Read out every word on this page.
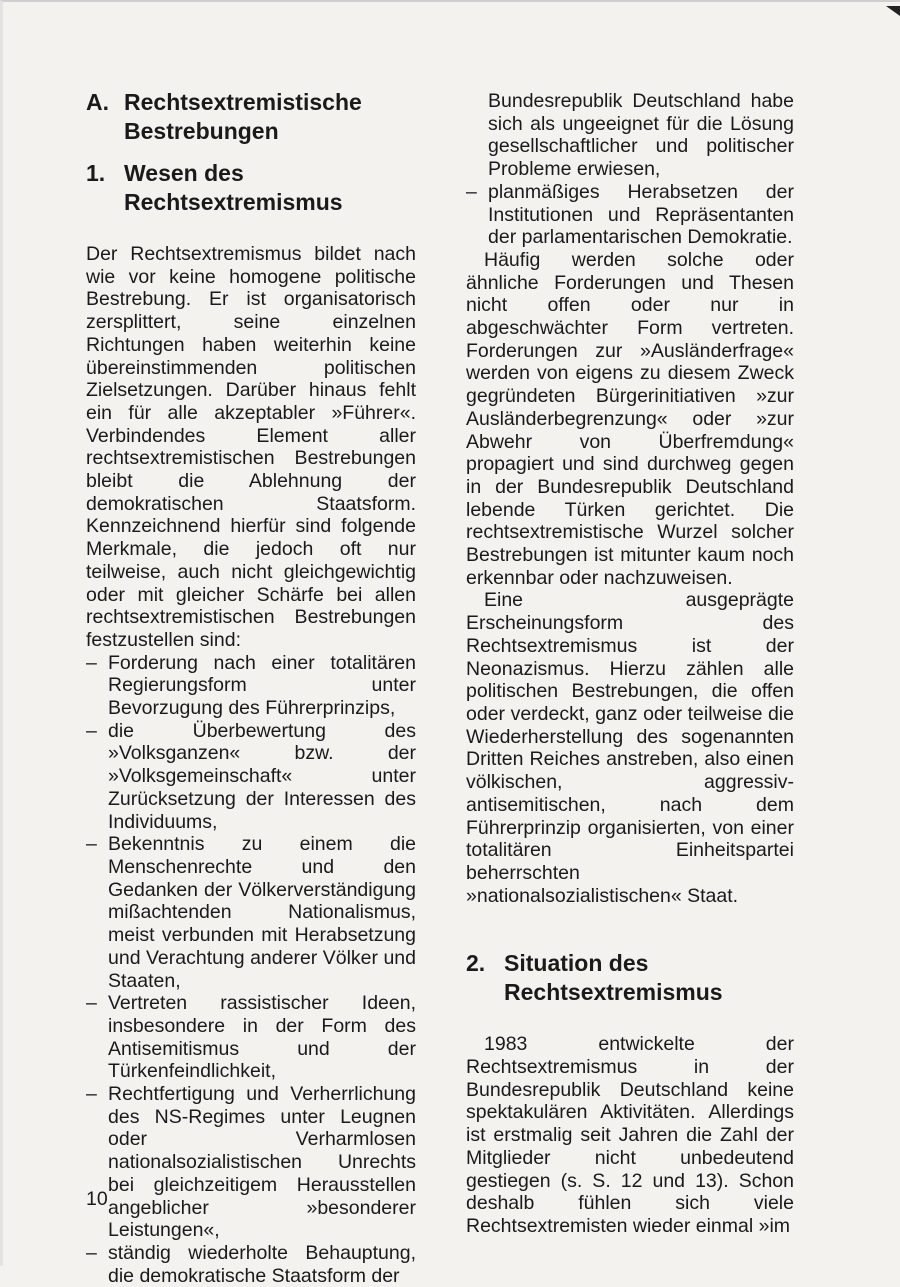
A. Rechtsextremistische Bestrebungen
1. Wesen des Rechtsextremismus

Der Rechtsextremismus bildet nach wie vor keine homogene politische Bestrebung. Er ist organisatorisch zersplittert, seine einzelnen Richtungen haben weiterhin keine übereinstimmenden politischen Zielsetzungen. Darüber hinaus fehlt ein für alle akzeptabler »Führer«. Verbindendes Element aller rechtsextremistischen Bestrebungen bleibt die Ablehnung der demokratischen Staatsform. Kennzeichnend hierfür sind folgende Merkmale, die jedoch oft nur teilweise, auch nicht gleichgewichtig oder mit gleicher Schärfe bei allen rechtsextremistischen Bestrebungen festzustellen sind:

– Forderung nach einer totalitären Regierungsform unter Bevorzugung des Führerprinzips,
– die Überbewertung des »Volksganzen« bzw. der »Volksgemeinschaft« unter Zurücksetzung der Interessen des Individuums,
– Bekenntnis zu einem die Menschenrechte und den Gedanken der Völkerverständigung mißachtenden Nationalismus, meist verbunden mit Herabsetzung und Verachtung anderer Völker und Staaten,
– Vertreten rassistischer Ideen, insbesondere in der Form des Antisemitismus und der Türkenfeindlichkeit,
– Rechtfertigung und Verherrlichung des NS-Regimes unter Leugnen oder Verharmlosen nationalsozialistischen Unrechts bei gleichzeitigem Herausstellen angeblicher »besonderer Leistungen«,
– ständig wiederholte Behauptung, die demokratische Staatsform der

Bundesrepublik Deutschland habe sich als ungeeignet für die Lösung gesellschaftlicher und politischer Probleme erwiesen,

– planmäßiges Herabsetzen der Institutionen und Repräsentanten der parlamentarischen Demokratie.

Häufig werden solche oder ähnliche Forderungen und Thesen nicht offen oder nur in abgeschwächter Form vertreten. Forderungen zur »Ausländerfrage« werden von eigens zu diesem Zweck gegründeten Bürgerinitiativen »zur Ausländerbegrenzung« oder »zur Abwehr von Überfremdung« propagiert und sind durchweg gegen in der Bundesrepublik Deutschland lebende Türken gerichtet. Die rechtsextremistische Wurzel solcher Bestrebungen ist mitunter kaum noch erkennbar oder nachzuweisen.

Eine ausgeprägte Erscheinungsform des Rechtsextremismus ist der Neonazismus. Hierzu zählen alle politischen Bestrebungen, die offen oder verdeckt, ganz oder teilweise die Wiederherstellung des sogenannten Dritten Reiches anstreben, also einen völkischen, aggressiv-antisemitischen, nach dem Führerprinzip organisierten, von einer totalitären Einheitspartei beherrschten »nationalsozialistischen« Staat.

2. Situation des Rechtsextremismus

1983 entwickelte der Rechtsextremismus in der Bundesrepublik Deutschland keine spektakulären Aktivitäten. Allerdings ist erstmalig seit Jahren die Zahl der Mitglieder nicht unbedeutend gestiegen (s. S. 12 und 13). Schon deshalb fühlen sich viele Rechtsextremisten wieder einmal »im

10
